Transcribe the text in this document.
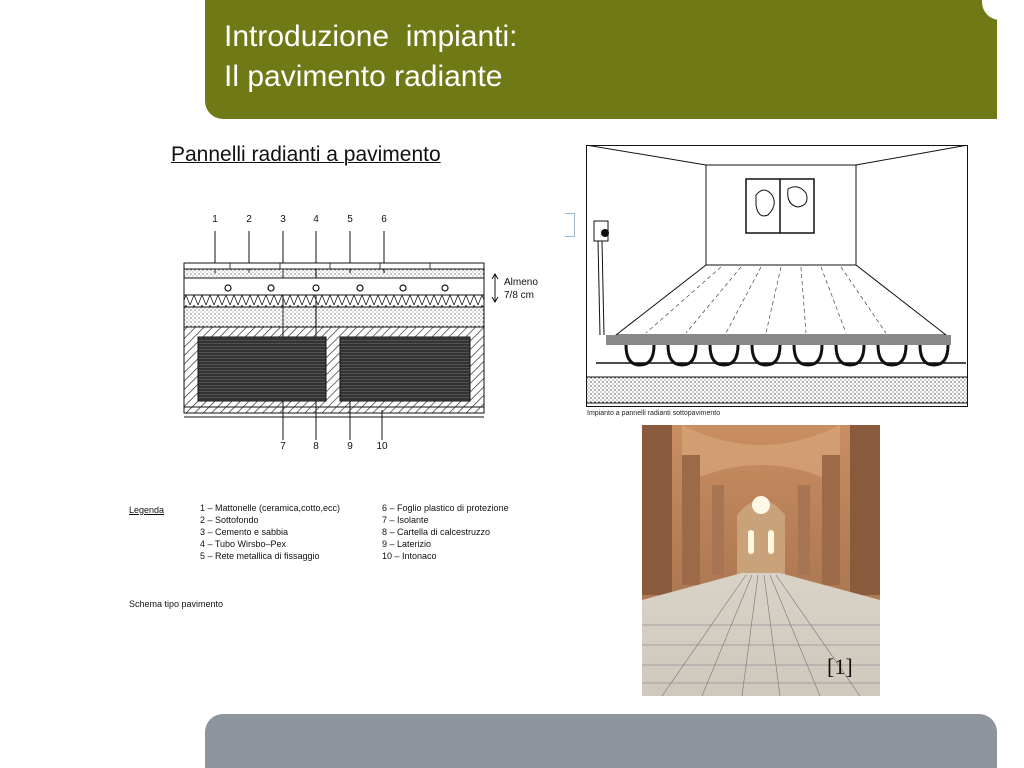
Introduzione  impianti:
Il pavimento radiante
Pannelli radianti a pavimento
1	2	3	4	5	6
7	8	9	10
Almeno
7/8 cm
Legenda	1 – Mattonelle (ceramica,cotto,ecc)
2 – Sottofondo
3 – Cemento e sabbia
4 – Tubo Wirsbo–Pex
5 – Rete metallica di fissaggio
6 – Foglio plastico di protezione
7 – Isolante
8 – Cartella di calcestruzzo
9 – Laterizio
10 – Intonaco
Schema tipo pavimento
Impianto a pannelli radianti sottopavimento
[1]
